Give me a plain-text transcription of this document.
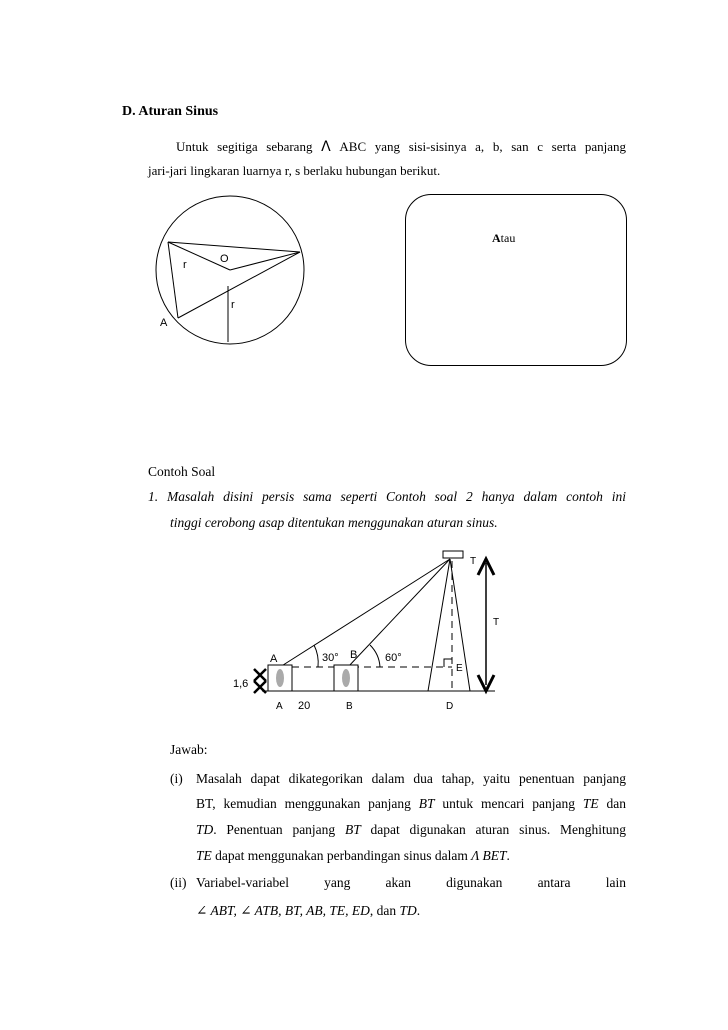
D. Aturan Sinus
Untuk segitiga sebarang Λ ABC yang sisi-sisinya a, b, san c serta panjang
jari-jari lingkaran luarnya r, s berlaku hubungan berikut.
r	O
r
A
Atau
Contoh Soal
1. Masalah disini persis sama seperti Contoh soal 2 hanya dalam contoh ini
tinggi cerobong asap ditentukan menggunakan aturan sinus.
T
T
A	30° B	60°
E
1,6
A 20	B	D
Jawab:
(i) Masalah dapat dikategorikan dalam dua tahap, yaitu penentuan panjang
BT, kemudian menggunakan panjang BT untuk mencari panjang TE dan
TD. Penentuan panjang BT dapat digunakan aturan sinus. Menghitung
TE dapat menggunakan perbandingan sinus dalam Λ BET.
(ii) Variabel-variabel	yang	akan	digunakan	antara	lain
∠ ABT, ∠ ATB, BT, AB, TE, ED, dan TD.
